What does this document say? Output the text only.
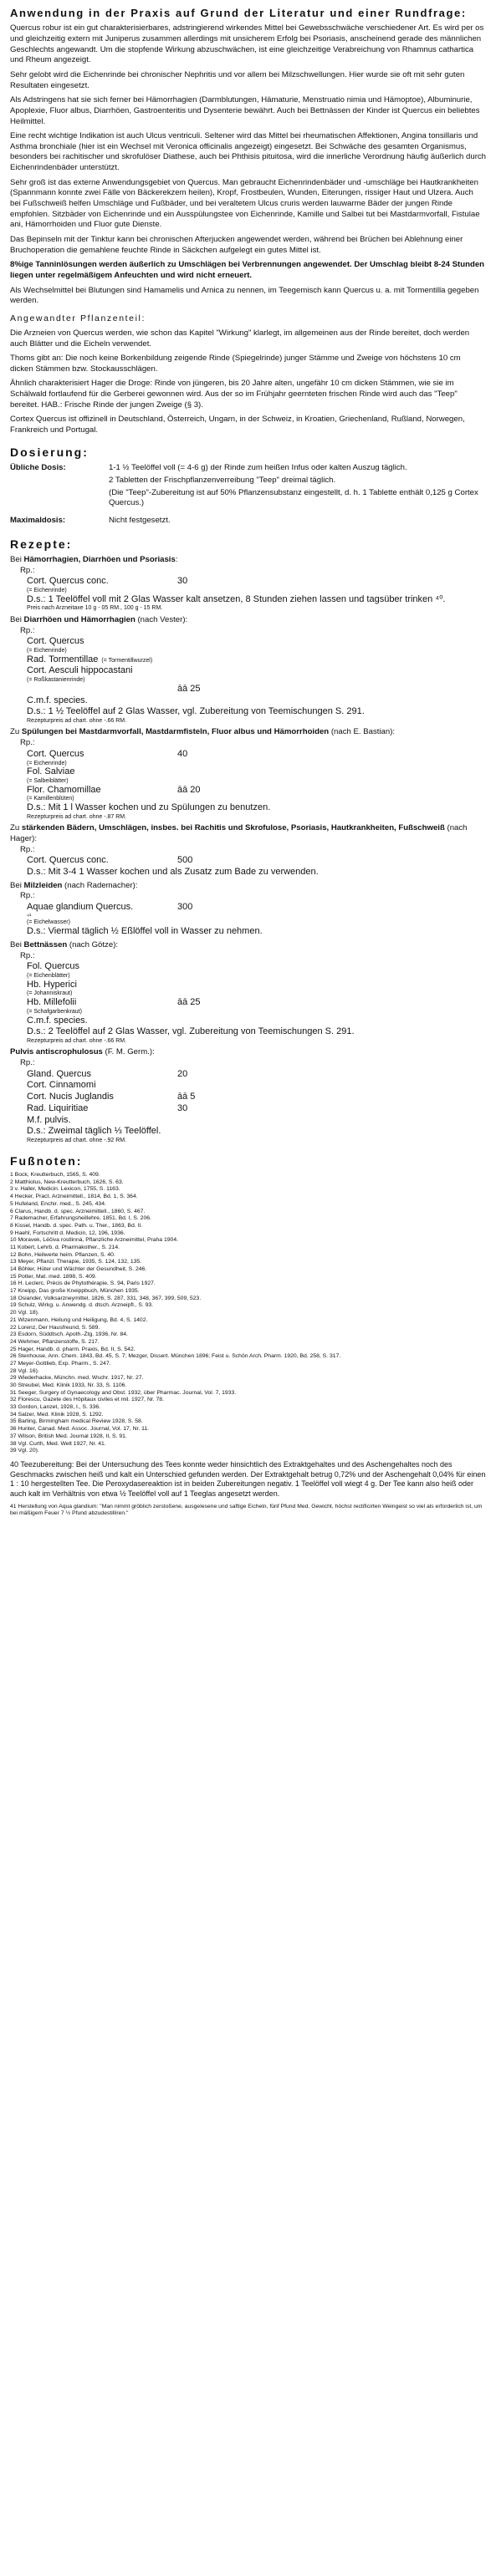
Anwendung in der Praxis auf Grund der Literatur und einer Rundfrage:

Quercus robur ist ein gut charakterisierbares, adstringierend wirkendes Mittel bei Gewebsschwäche verschiedener Art. Es wird per os und gleichzeitig extern mit Juniperus zusammen allerdings mit unsicherem Erfolg bei Psoriasis, anscheinend gerade des männlichen Geschlechts angewandt. Um die stopfende Wirkung abzuschwächen, ist eine gleichzeitige Verabreichung von Rhamnus cathartica und Rheum angezeigt.

Sehr gelobt wird die Eichenrinde bei chronischer Nephritis und vor allem bei Milzschwellungen. Hier wurde sie oft mit sehr guten Resultaten eingesetzt.

Als Adstringens hat sie sich ferner bei Hämorrhagien (Darmblutungen, Hämaturie, Menstruatio nimia und Hämoptoe), Albuminurie, Apoplexie, Fluor albus, Diarrhöen, Gastroenteritis und Dysenterie bewährt. Auch bei Bettnässen der Kinder ist Quercus ein beliebtes Heilmittel.

Eine recht wichtige Indikation ist auch Ulcus ventriculi. Seltener wird das Mittel bei rheumatischen Affektionen, Angina tonsillaris und Asthma bronchiale (hier ist ein Wechsel mit Veronica officinalis angezeigt) eingesetzt. Bei Schwäche des gesamten Organismus, besonders bei rachitischer und skrofulöser Diathese, auch bei Phthisis pituitosa, wird die innerliche Verordnung häufig äußerlich durch Eichenrindenbäder unterstützt.

Sehr groß ist das externe Anwendungsgebiet von Quercus. Man gebraucht Eichenrindenbäder und -umschläge bei Hautkrankheiten (Spannmann konnte zwei Fälle von Bäckerekzem heilen), Kropf, Frostbeulen, Wunden, Eiterungen, rissiger Haut und Ulzera. Auch bei Fußschweiß helfen Umschläge und Fußbäder, und bei veraltetem Ulcus cruris werden lauwarme Bäder der jungen Rinde empfohlen. Sitzbäder von Eichenrinde und ein Ausspülungstee von Eichenrinde, Kamille und Salbei tut bei Mastdarmvorfall, Fistulae ani, Hämorrhoiden und Fluor gute Dienste.

Das Bepinseln mit der Tinktur kann bei chronischen Afterjucken angewendet werden, während bei Brüchen bei Ablehnung einer Bruchoperation die gemahlene feuchte Rinde in Säckchen aufgelegt ein gutes Mittel ist.

8%ige Tanninlösungen werden äußerlich zu Umschlägen bei Verbrennungen angewendet. Der Umschlag bleibt 8-24 Stunden liegen unter regelmäßigem Anfeuchten und wird nicht erneuert.

Als Wechselmittel bei Blutungen sind Hamamelis und Arnica zu nennen, im Teegemisch kann Quercus u. a. mit Tormentilla gegeben werden.

Angewandter Pflanzenteil:

Die Arzneien von Quercus werden, wie schon das Kapitel "Wirkung" klarlegt, im allgemeinen aus der Rinde bereitet, doch werden auch Blätter und die Eicheln verwendet.

Thoms gibt an: Die noch keine Borkenbildung zeigende Rinde (Spiegelrinde) junger Stämme und Zweige von höchstens 10 cm dicken Stämmen bzw. Stockausschlägen.

Ähnlich charakterisiert Hager die Droge: Rinde von jüngeren, bis 20 Jahre alten, ungefähr 10 cm dicken Stämmen, wie sie im Schälwald fortlaufend für die Gerberei gewonnen wird. Aus der so im Frühjahr geernteten frischen Rinde wird auch das "Teep" bereitet. HAB.: Frische Rinde der jungen Zweige (§ 3).

Cortex Quercus ist offizinell in Deutschland, Österreich, Ungarn, in der Schweiz, in Kroatien, Griechenland, Rußland, Norwegen, Frankreich und Portugal.

Dosierung:
Übliche Dosis:	1-1 ½ Teelöffel voll (= 4-6 g) der Rinde zum heißen Infus oder kalten Auszug täglich.

2 Tabletten der Frischpflanzenverreibung "Teep" dreimal täglich.

(Die "Teep"-Zubereitung ist auf 50% Pflanzensubstanz eingestellt, d. h. 1 Tablette enthält 0,125 g Cortex Quercus.)

Maximaldosis:	Nicht festgesetzt.

Rezepte:
Bei Hämorrhagien, Diarrhöen und Psoriasis:
Rp.:
Cort. Quercus conc.	30
(= Eichenrinde)
D.s.: 1 Teelöffel voll mit 2 Glas Wasser kalt ansetzen, 8 Stunden ziehen lassen und tagsüber trinken ⁴⁰.
Preis nach Arzneitaxe 10 g - 05 RM., 100 g - 15 RM.
Bei Diarrhöen und Hämorrhagien (nach Vester):
Rp.:
Cort. Quercus
(= Eichenrinde)
Rad. Tormentillae (= Tormentillwurzel)
Cort. Aesculi hippocastani
(= Roßkastanienrinde)
āā 25
C.m.f. species.
D.s.: 1 ½ Teelöffel auf 2 Glas Wasser, vgl. Zubereitung von Teemischungen S. 291.
Rezepturpreis ad chart. ohne -.66 RM.
Zu Spülungen bei Mastdarmvorfall, Mastdarmfisteln, Fluor albus und Hämorrhoiden (nach E. Bastian):
Rp.:
Cort. Quercus	40
(= Eichenrinde)
Fol. Salviae
(= Salbeiblätter)
Flor. Chamomillae	āā 20
(= Kamillenblüten)
D.s.: Mit 1 l Wasser kochen und zu Spülungen zu benutzen.
Rezepturpreis ad chart. ohne -.87 RM.
Zu stärkenden Bädern, Umschlägen, insbes. bei Rachitis und Skrofulose, Psoriasis, Hautkrankheiten, Fußschweiß (nach Hager):
Rp.:
Cort. Quercus conc.	500
D.s.: Mit 3-4 1 Wasser kochen und als Zusatz zum Bade zu verwenden.
Bei Milzleiden (nach Rademacher):
Rp.:
Aquae glandium Quercus.	300
⁴¹
(= Eichelwasser)
D.s.: Viermal täglich ½ Eßlöffel voll in Wasser zu nehmen.
Bei Bettnässen (nach Götze):
Rp.:
Fol. Quercus
(= Eichenblätter)
Hb. Hyperici
(= Johanniskraut)
Hb. Millefolii	āā 25
(= Schafgarbenkraut)
C.m.f. species.
D.s.: 2 Teelöffel auf 2 Glas Wasser, vgl. Zubereitung von Teemischungen S. 291.
Rezepturpreis ad chart. ohne -.66 RM.
Pulvis antiscrophulosus (F. M. Germ.):
Rp.:
Gland. Quercus	20
Cort. Cinnamomi
Cort. Nucis Juglandis	āā 5
Rad. Liquiritiae	30
M.f. pulvis.
D.s.: Zweimal täglich ⅓ Teelöffel.
Rezepturpreis ad chart. ohne -.92 RM.
Fußnoten:
1 Bock, Kreutterbuch, 1565, S. 409.
2 Matthiolus, New-Kreutterbuch, 1626, S. 63.
3 v. Haller, Medicin. Lexicon, 1755, S. 1163.
4 Hecker, Pract. Arzneimittell., 1814, Bd. 1, S. 364.
5 Hufeland, Enchir. med., S. 245, 434.
6 Clarus, Handb. d. spec. Arzneimittell., 1860, S. 467.
7 Rademacher, Erfahrungsheillehre, 1851, Bd. I, S. 206.
8 Kissel, Handb. d. spec. Path. u. Ther., 1863, Bd. II.
9 Haehl, Fortschritt d. Medicin, 12, 196, 1936.
10 Moravek, Léčiva rostlinná, Pflanzliche Arzneimittel, Praha 1904.
11 Kobert, Lehrb. d. Pharmakother., S. 214.
12 Bohn, Heilwerte heim. Pflanzen, S. 40.
13 Meyer, Pflanzl. Therapie, 1935, S. 124, 132, 135.
14 Böhler, Hüter und Wächter der Gesundheit, S. 246.
15 Potter, Mat. med. 1898, S. 409.
16 H. Leclerc, Précis de Phytothérapie, S. 94, Paris 1927.
17 Kneipp, Das große Kneippbuch, München 1935.
18 Osiander, Volksarzneymittel, 1826, S. 287, 331, 348, 367, 399, 509, 523.
19 Schulz, Wirkg. u. Anwendg. d. dtsch. Arzneipfl., S. 93.
20 Vgl. 18).
21 Wizenmann, Heilung und Heiligung, Bd. 4, S. 1402.
22 Lorenz, Der Hausfreund, S. 589.
23 Esdorn, Süddtsch. Apoth.-Ztg. 1936, Nr. 84.
24 Wehmer, Pflanzenstoffe, S. 217.
25 Hager, Handb. d. pharm. Praxis, Bd. II, S. 542.
26 Stenhouse, Ann. Chem. 1843, Bd. 45, S. 7; Mezger, Dissert. München 1896; Feist u. Schön Arch. Pharm. 1920, Bd. 258, S. 317.
27 Meyer-Gottlieb, Exp. Pharm., S. 247.
28 Vgl. 16).
29 Wiederhacke, Münchn. med. Wschr. 1917, Nr. 27.
30 Streubel, Med. Klinik 1933, Nr. 33, S. 1106.
31 Seeger, Surgery of Gynaecology and Obst. 1932, über Pharmac. Journal, Vol. 7, 1933.
32 Florescu, Gazete des Hôpitaux civiles et mil. 1927, Nr. 78.
33 Gordon, Lanzet, 1928, I., S. 336.
34 Salzer, Med. Klinik 1928, S. 1292.
35 Barling, Birmingham medical Review 1928, S. 58.
36 Hunter, Canad. Med. Assoc. Journal, Vol. 17, Nr. 11.
37 Wilson, British Med. Journal 1928, II, S. 91.
38 Vgl. Curth, Med. Welt 1927, Nr. 41.
39 Vgl. 20).

40 Teezubereitung: Bei der Untersuchung des Tees konnte weder hinsichtlich des Extraktgehaltes und des Aschengehaltes noch des Geschmacks zwischen heiß und kalt ein Unterschied gefunden werden. Der Extraktgehalt betrug 0,72% und der Aschengehalt 0,04% für einen 1 : 10 hergestellten Tee. Die Peroxydasereaktion ist in beiden Zubereitungen negativ. 1 Teelöffel voll wiegt 4 g. Der Tee kann also heiß oder auch kalt im Verhältnis von etwa ½ Teelöffel voll auf 1 Teeglas angesetzt werden.

41 Herstellung von Aqua glandium: "Man nimmt gröblich zerstoßene, ausgelesene und saftige Eicheln, fünf Pfund Med. Gewicht, höchst rectificirten Weingeist so viel als erforderlich ist, um bei mäßigem Feuer 7 ½ Pfund abzudestilliren."
